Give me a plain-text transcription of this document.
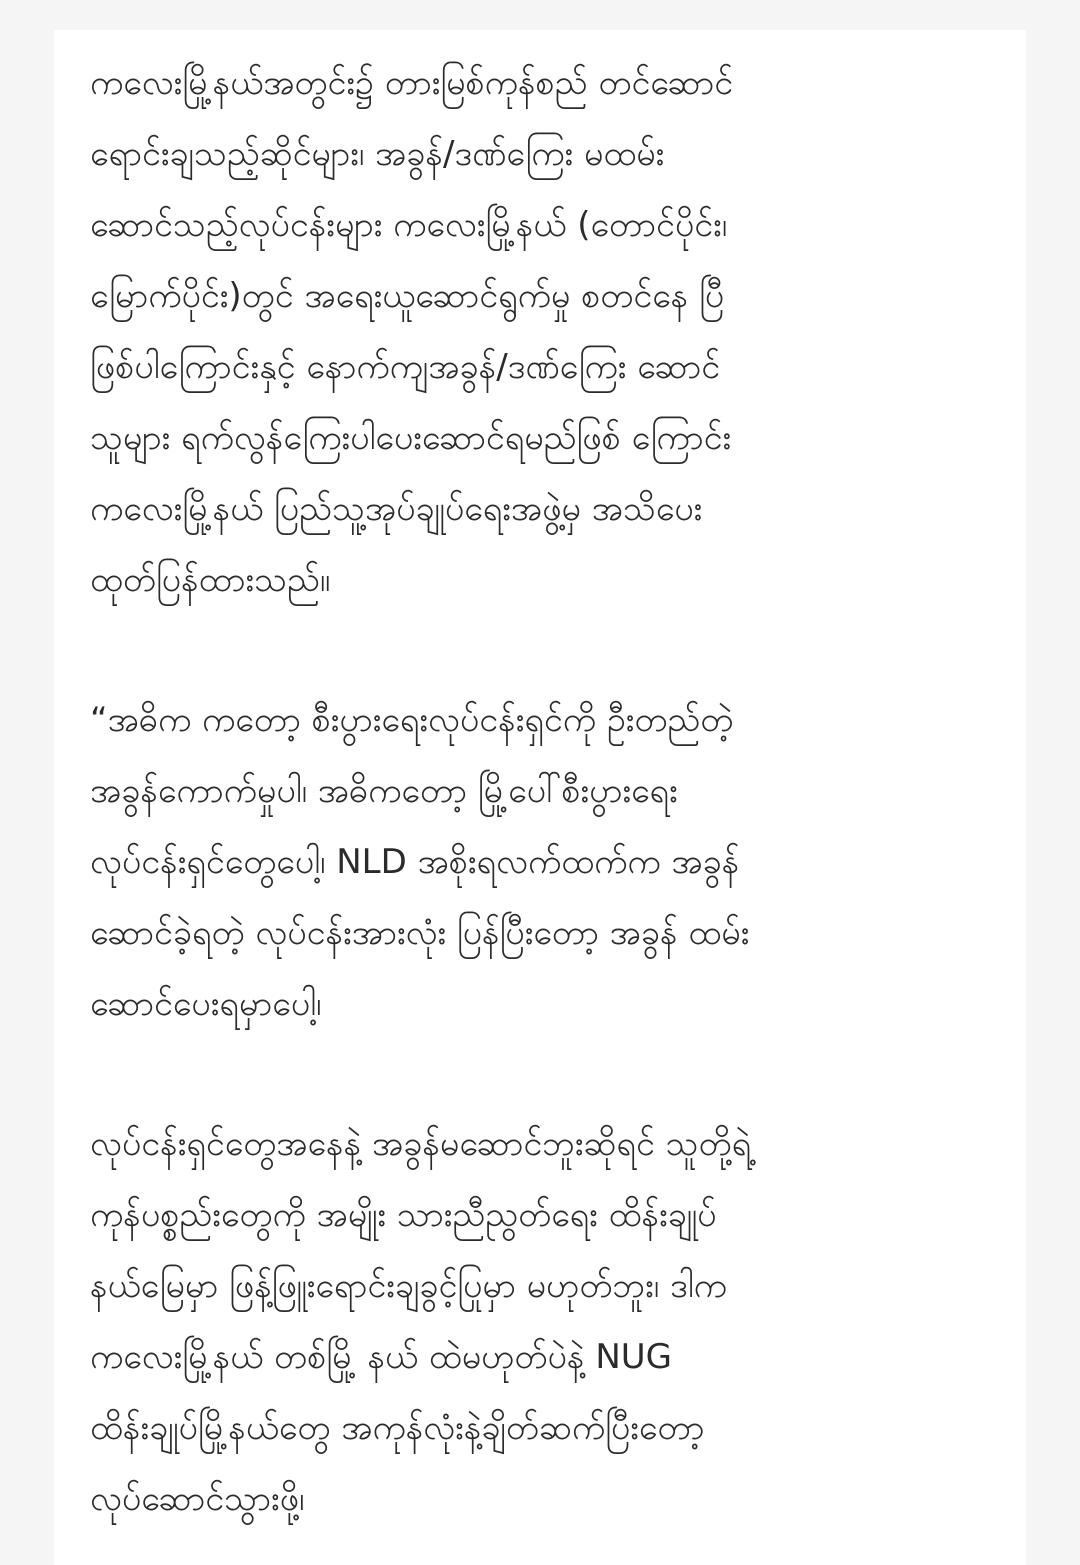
ကလေးမြို့နယ်အတွင်း၌ တားမြစ်ကုန်စည် တင်ဆောင်
ရောင်းချသည့်ဆိုင်များ၊ အခွန်/ဒဏ်ကြေး မထမ်း
ဆောင်သည့်လုပ်ငန်းများ ကလေးမြို့နယ် (တောင်ပိုင်း၊
မြောက်ပိုင်း)တွင် အရေးယူဆောင်ရွက်မှု စတင်နေ ပြီ
ဖြစ်ပါကြောင်းနှင့် နောက်ကျအခွန်/ဒဏ်ကြေး ဆောင်
သူများ ရက်လွန်ကြေးပါပေးဆောင်ရမည်ဖြစ် ကြောင်း
ကလေးမြို့နယ် ပြည်သူ့အုပ်ချုပ်ရေးအဖွဲ့မှ အသိပေး
ထုတ်ပြန်ထားသည်။

“အဓိက ကတော့ စီးပွားရေးလုပ်ငန်းရှင်ကို ဦးတည်တဲ့
အခွန်ကောက်မှုပါ၊ အဓိကတော့ မြို့ပေါ်စီးပွားရေး
လုပ်ငန်းရှင်တွေပေါ့၊ NLD အစိုးရလက်ထက်က အခွန်
ဆောင်ခဲ့ရတဲ့ လုပ်ငန်းအားလုံး ပြန်ပြီးတော့ အခွန် ထမ်း
ဆောင်ပေးရမှာပေါ့၊

လုပ်ငန်းရှင်တွေအနေနဲ့ အခွန်မဆောင်ဘူးဆိုရင် သူတို့ရဲ့
ကုန်ပစ္စည်းတွေကို အမျိုး သားညီညွတ်ရေး ထိန်းချုပ်
နယ်မြေမှာ ဖြန့်ဖြူးရောင်းချခွင့်ပြုမှာ မဟုတ်ဘူး၊ ဒါက
ကလေးမြို့နယ် တစ်မြို့ နယ် ထဲမဟုတ်ပဲနဲ့ NUG
ထိန်းချုပ်မြို့နယ်တွေ အကုန်လုံးနဲ့ချိတ်ဆက်ပြီးတော့
လုပ်ဆောင်သွားဖို့၊
